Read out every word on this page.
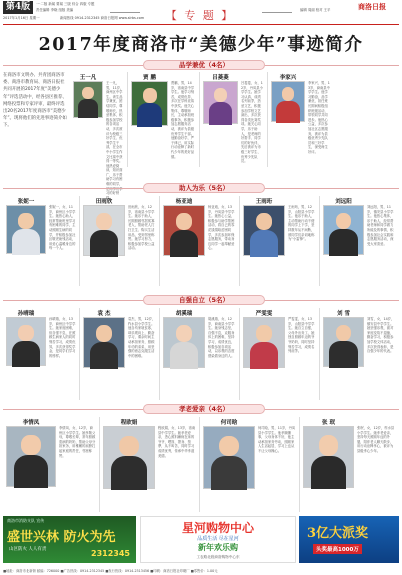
第4版	一·二版 新闻 要闻 三版 综合 四版 专题
2017年1月16日 星期一	新闻热线 0914-2312345 商洛日报网 www.slrbs.com
责任编辑 李晓 组版 美编	【 专 题 】	编辑 周丽 校对 王平	商洛日报
2017年度商洛市“美德少年”事迹简介
品学兼优（4名）
在商洛市文明办、共青团商洛市委、商洛市教育局、商洛日报社共同开展的2017年度“美德少年”评选活动中，经各县区推荐、网络投票和专家评审，最终评选出20名2017年度商洛市“美德少年”。现将他们的先进事迹简介如下。
王一凡
王一凡，男，11岁，商州区中学生。该生品学兼优，团结同学，尊敬师长，热爱集体，积极参加学校的各项活动，多次被评为校级三好学生、优秀学生干部，在全市中小学生作文比赛中获得一等奖。他热爱阅读，知识面广，乐于帮助学习有困难的同学， 习的好榜样。
贾 鹏
贾鹏，男，14岁，洛南县中学学生。他学习刻苦，成绩优异，多次在学科竞赛中获奖。他关心集体，尊敬师长，主动承担班级事务，积极参加志愿服务活动，被评为县级优秀学生干部。他勤奋好学，严于律己，用实际行动诠释了新时代少年的美好品德。
吕菱菱
吕菱菱，女，12岁，丹凤县小学学生。她学习认真，成绩名列前茅，热爱文艺，积极参加学校文艺演出，多次获得各类比赛奖项。她关心同学，乐于助人，是老师的好帮手、同学们的好伙伴，先后被评为市级三好学生、优秀少先队员。
李家兴
李家兴，男，13岁，商南县中学学生。他学习勤奋，品学兼优，担任班长期间积极组织班级活动，带领同学共同进步。他热心公益，多次参加社区志愿服务，被评为县级优秀少先队员和三好学生，深受师生好评。
助人为乐（5名）
张妮一
张妮一，女，11岁，商州区小学学生。她热心助人，经常帮助班里学习有困难的同学，主动照顾生病的同学，并积极参加社区敬老助残活动，用爱心温暖身边的每一个人。
田雨欣
田雨欣，女，12岁，洛南县小学学生。她乐于助人，长期照顾邻居孤寡老人，帮助老人打扫卫生、购买生活用品，受到邻里称赞。她学习努力，积极参加学校公益活动。
杨亚迪
杨亚迪，女，13岁，丹凤县中学学生。她热心公益，积极参与助学帮困活动，将自己的零花钱捐给贫困同学，多次参加环保志愿服务，带动身边同学一起奉献爱心。
王雨珩
王雨珩，男，12岁，山阳县小学学生。他乐于助人，主动帮助行动不便的同学上下学，坚持数年从不间断，被同学们亲切地称为“小雷锋”。
刘远阳
刘远阳，男，11岁，镇安县小学学生。他热心集体，乐于助人，经常帮助老师和同学做力所能及的事情，积极参加社会实践和志愿服务活动，深受大家喜爱。
自强自立（5名）
孙晴瑞
孙晴瑞，女，13岁，商州区中学学生。她家庭困难，但自强不息，在照顾生病家人的同时刻苦学习，成绩优异，多次获得奖学金，是同学们学习的榜样。
袁 杰
袁杰，男，12岁，柞水县小学学生。他自幼家境贫寒，却乐观向上，勤奋学习，课余时间主动承担家务，照顾年幼的弟弟，用坚强的意志克服生活中的困难。
胡溪瑞
胡溪瑞，女，12岁，商南县小学学生。她身残志坚，自强不息，克服身体上的困难，坚持学习，成绩优良，积极参加各项活动，以乐观的态度感染着身边的人。
严雯雯
严雯雯，女，13岁，山阳县中学学生。她自立自强，父母外出务工，她独自照顾年迈的爷爷奶奶，同时坚持刻苦学习，成绩名列前茅。
刘 雪
刘雪，女，14岁，镇安县中学学生。她坚强乐观，面对家庭变故不退缩，勤奋学习，积极参加学校文体活动，多次获得表彰，是自强少年的代表。
孝老爱亲（4名）
李情凤
李情凤，女，12岁，商州区小学学生。她孝敬父母，尊敬长辈，常年照顾患病的奶奶，帮助父母分担家务，用稚嫩的肩膀扛起家庭的责任，邻里称赞。
程欧娟
程欧娟，女，13岁，洛南县中学学生。她孝老爱亲，悉心照料瘫痪在床的爷爷，喂饭、擦身、按摩，从不叫苦，同时学习成绩优秀，传承中华孝道美德。
何司晗
何司晗，男，11岁，丹凤县小学学生。他孝顺懂事，父母身体不好，他主动承担家务劳动，照顾家人生活起居，学习上也从不让父母操心。
张 珉
张珉，女，12岁，柞水县小学学生。她孝老爱亲，坚持每天照顾年迈的外婆，陪伴老人聊天散步，用行动诠释孝心，被评为县级孝心少年。
商洛市消防支队 宣传
盛世兴林 防火为先
山区防火 人人有责	2312345
星河购物中心
品质生活 尽在星河
新年欢乐购
工农路北段商洛购物中心东
3亿大派奖
头奖最高1000万
■地址：商洛市北新街 邮编：726000 ■广告热线：0914-2312345 ■发行热线：0914-2313456 ■印刷：商洛日报社印刷厂 ■零售价：1.00元
